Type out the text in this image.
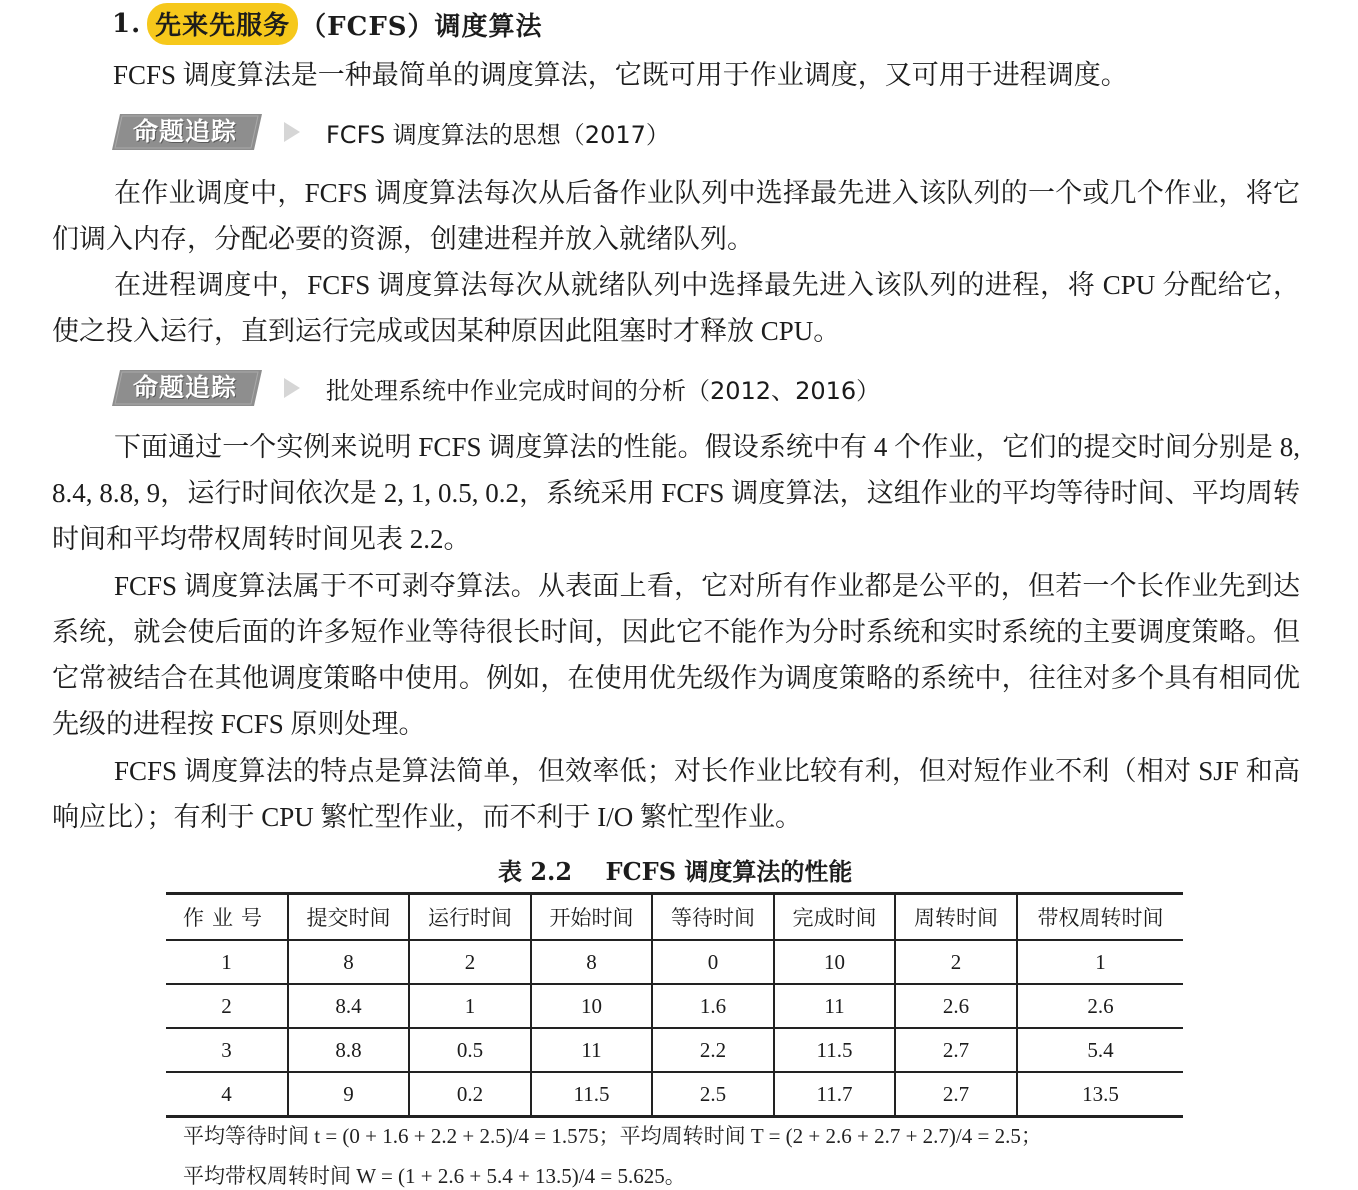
1. 先来先服务 （FCFS）调度算法

FCFS 调度算法是一种最简单的调度算法，它既可用于作业调度，又可用于进程调度。

命题追踪	FCFS 调度算法的思想（2017）

在作业调度中，FCFS 调度算法每次从后备作业队列中选择最先进入该队列的一个或几个作业，将它们调入内存，分配必要的资源，创建进程并放入就绪队列。

在进程调度中，FCFS 调度算法每次从就绪队列中选择最先进入该队列的进程，将 CPU 分配给它，使之投入运行，直到运行完成或因某种原因此阻塞时才释放 CPU。

命题追踪	批处理系统中作业完成时间的分析（2012、2016）

下面通过一个实例来说明 FCFS 调度算法的性能。假设系统中有 4 个作业，它们的提交时间分别是 8, 8.4, 8.8, 9，运行时间依次是 2, 1, 0.5, 0.2，系统采用 FCFS 调度算法，这组作业的平均等待时间、平均周转时间和平均带权周转时间见表 2.2。

FCFS 调度算法属于不可剥夺算法。从表面上看，它对所有作业都是公平的，但若一个长作业先到达系统，就会使后面的许多短作业等待很长时间，因此它不能作为分时系统和实时系统的主要调度策略。但它常被结合在其他调度策略中使用。例如，在使用优先级作为调度策略的系统中，往往对多个具有相同优先级的进程按 FCFS 原则处理。

FCFS 调度算法的特点是算法简单，但效率低；对长作业比较有利，但对短作业不利（相对 SJF 和高响应比）；有利于 CPU 繁忙型作业，而不利于 I/O 繁忙型作业。

表 2.2    FCFS 调度算法的性能
作业号	提交时间	运行时间	开始时间	等待时间	完成时间	周转时间	带权周转时间
1	8	2	8	0	10	2	1
2	8.4	1	10	1.6	11	2.6	2.6
3	8.8	0.5	11	2.2	11.5	2.7	5.4
4	9	0.2	11.5	2.5	11.7	2.7	13.5
平均等待时间 t = (0 + 1.6 + 2.2 + 2.5)/4 = 1.575；平均周转时间 T = (2 + 2.6 + 2.7 + 2.7)/4 = 2.5；
平均带权周转时间 W = (1 + 2.6 + 5.4 + 13.5)/4 = 5.625。
